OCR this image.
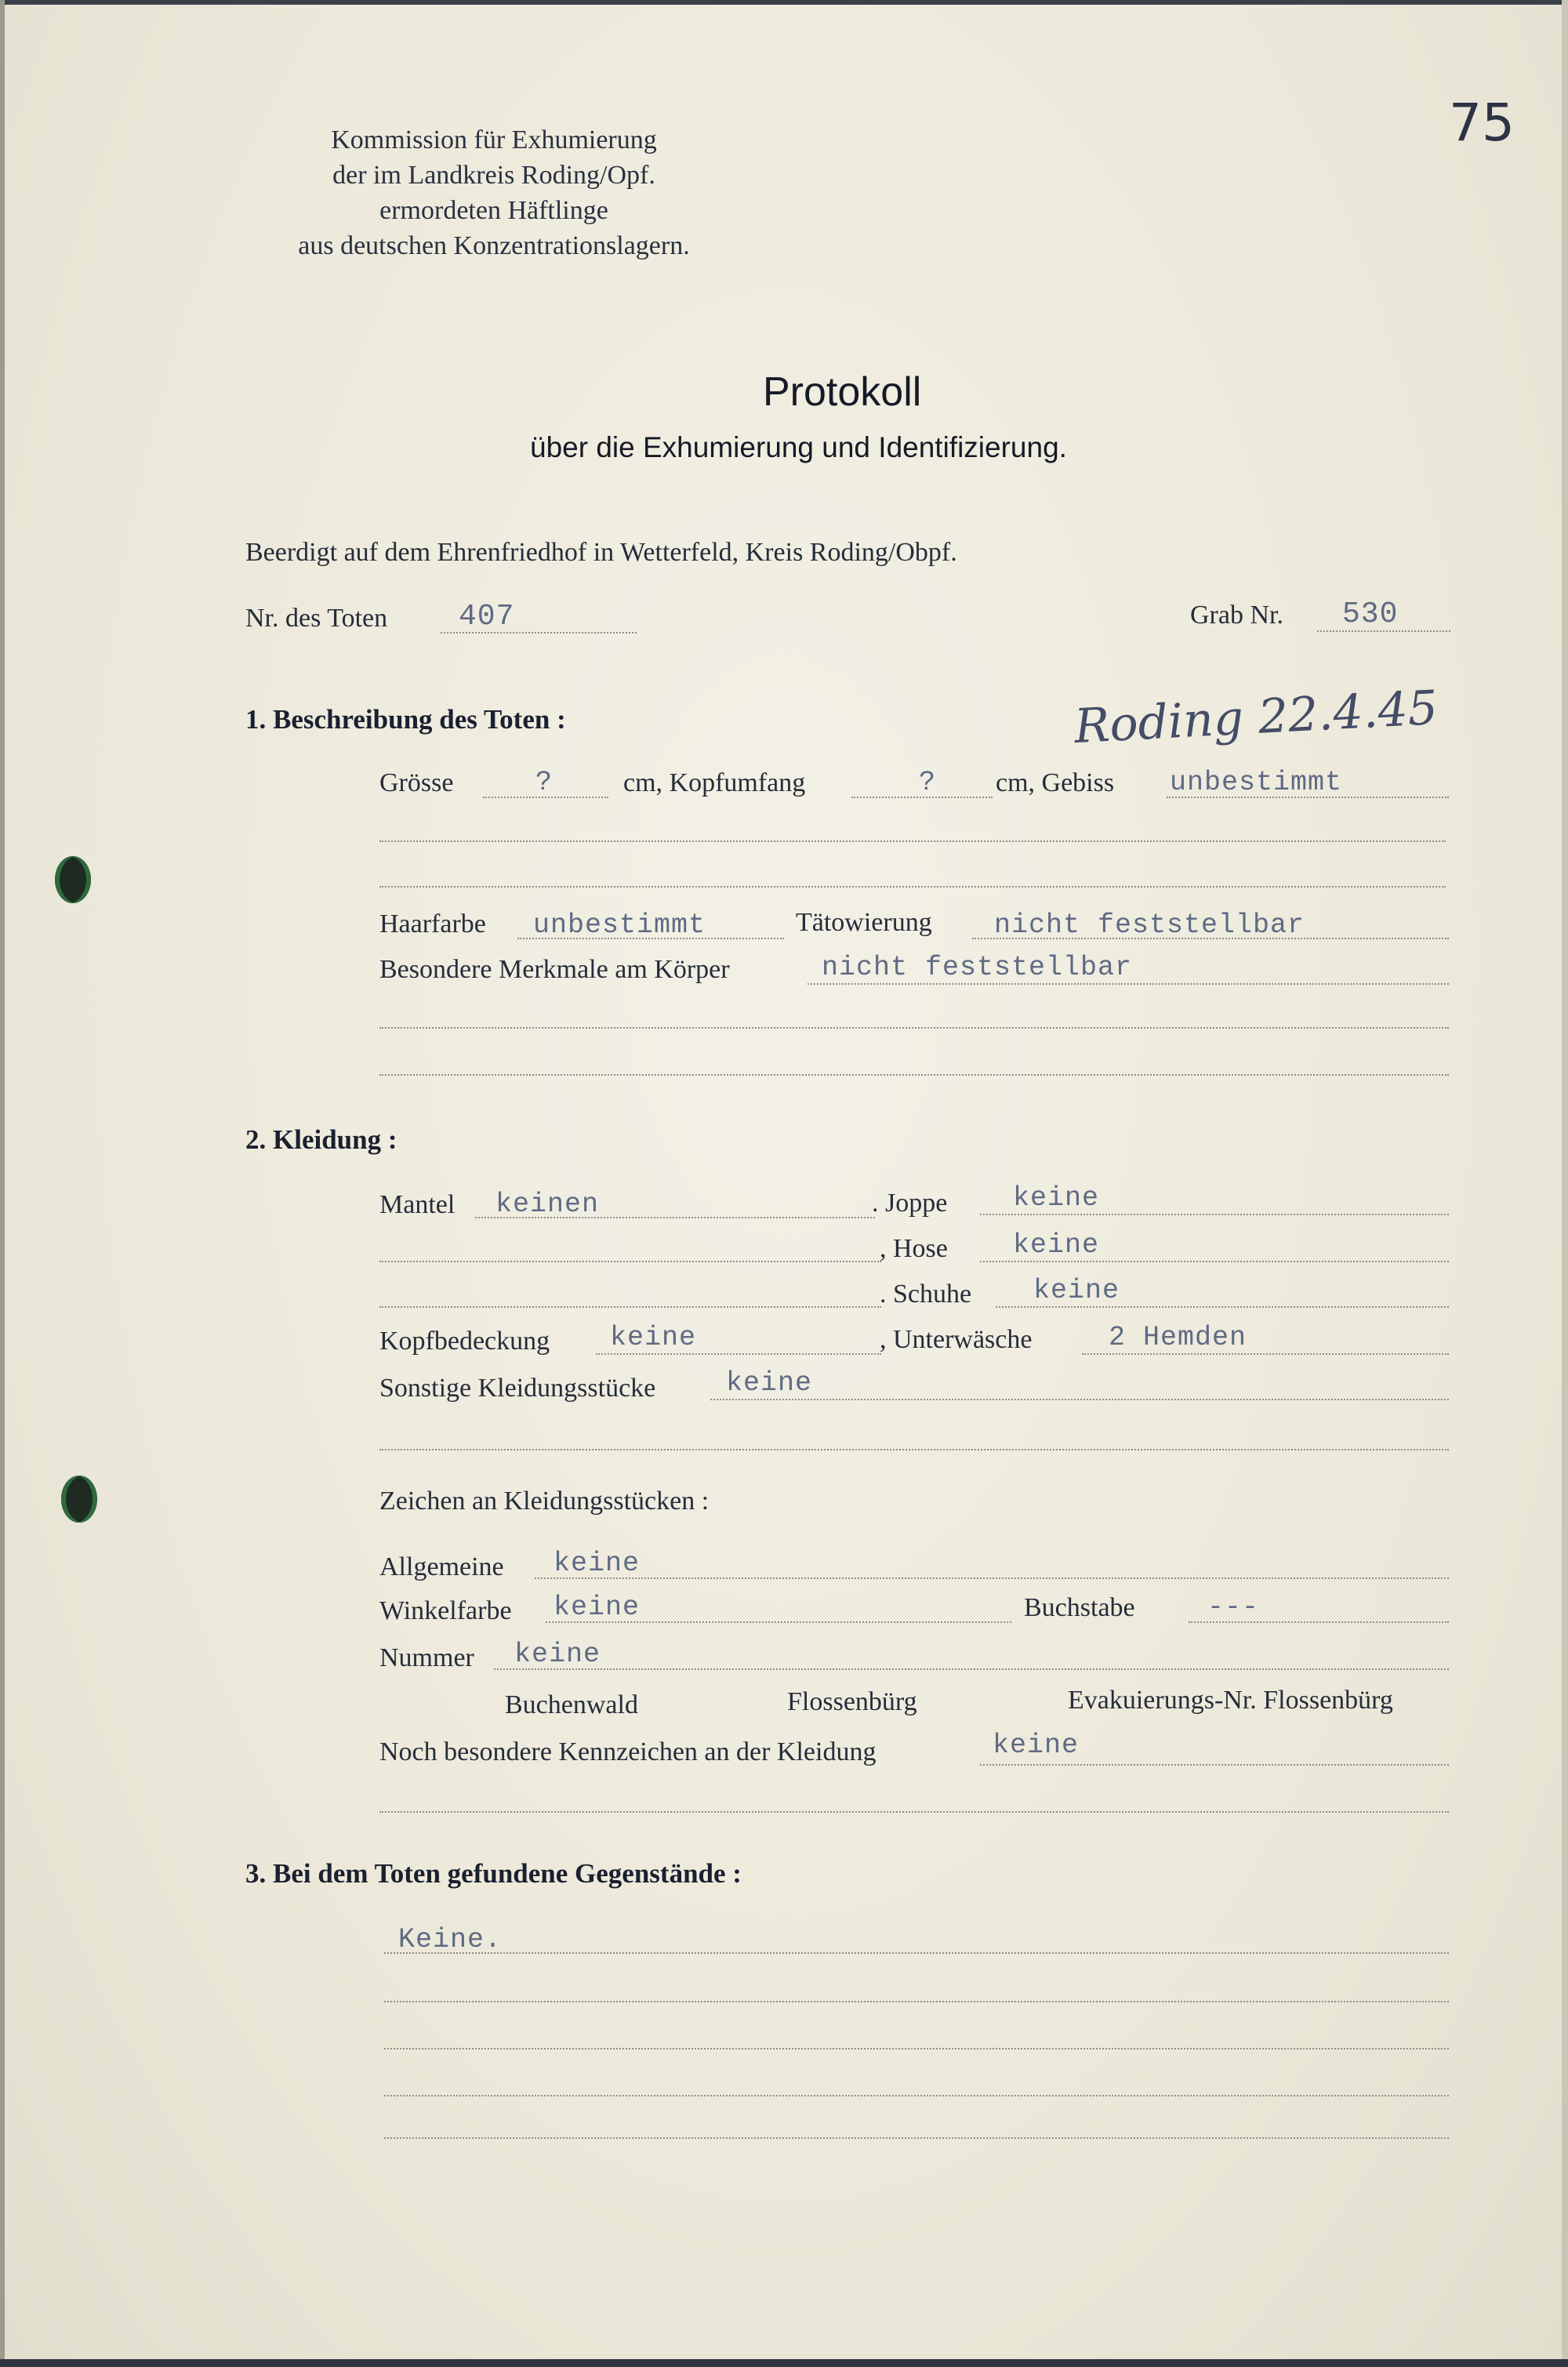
75
Kommission für Exhumierung
der im Landkreis Roding/Opf.
ermordeten Häftlinge
aus deutschen Konzentrationslagern.
Protokoll
über die Exhumierung und Identifizierung.
Beerdigt auf dem Ehrenfriedhof in Wetterfeld, Kreis Roding/Obpf.
Nr. des Toten 407	Grab Nr. 530
1. Beschreibung des Toten :	Roding 22.4.45
Grösse	?	cm, Kopfumfang	? cm, Gebiss unbestimmt
Haarfarbe unbestimmt	Tätowierung nicht feststellbar
Besondere Merkmale am Körper	nicht feststellbar
2. Kleidung :
Mantel keinen	. Joppe keine
, Hose keine
. Schuhe keine
Kopfbedeckung keine	, Unterwäsche	2 Hemden
Sonstige Kleidungsstücke	keine
Zeichen an Kleidungsstücken :
Allgemeine keine
Winkelfarbe keine	Buchstabe	---
Nummer keine
Buchenwald	Flossenbürg	Evakuierungs-Nr. Flossenbürg
Noch besondere Kennzeichen an der Kleidung	keine
3. Bei dem Toten gefundene Gegenstände :
Keine.
